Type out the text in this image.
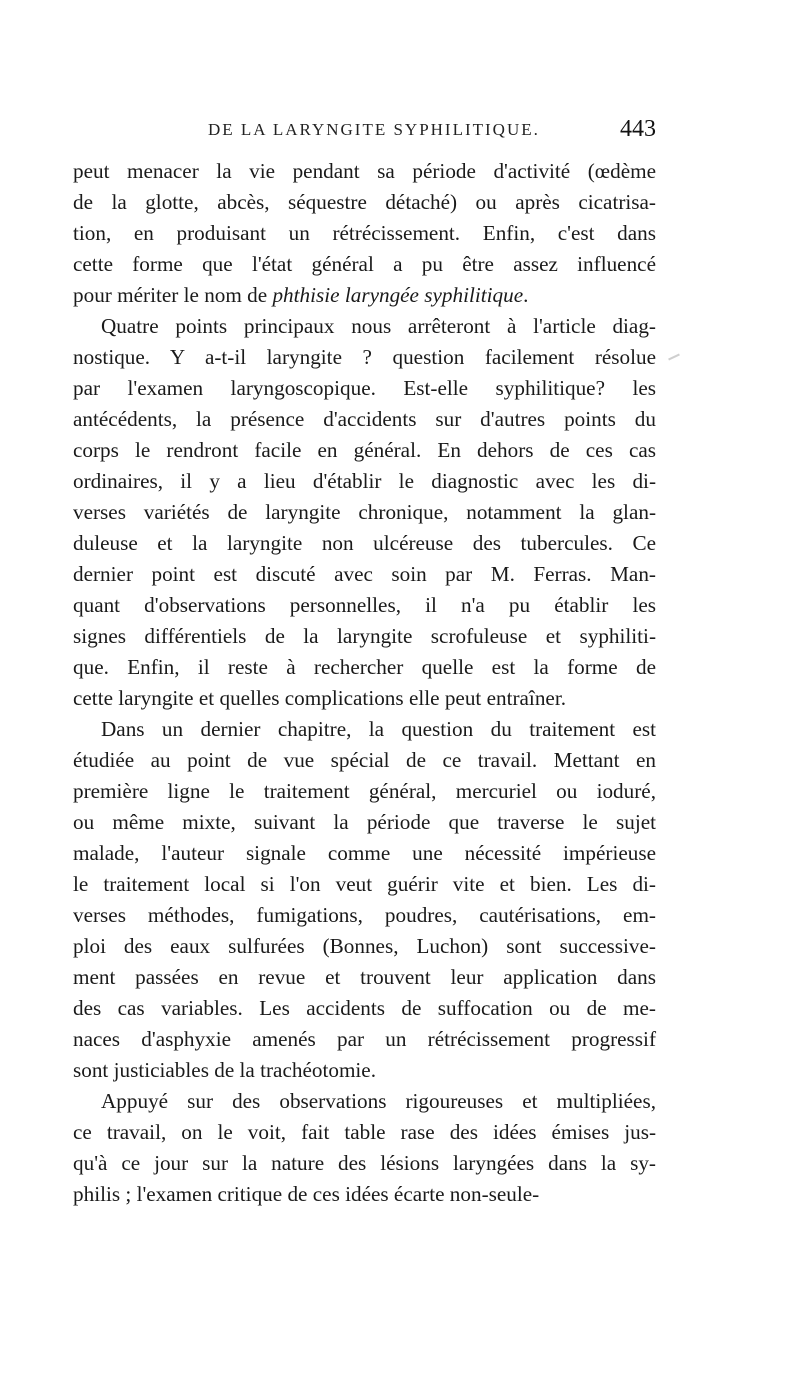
DE LA LARYNGITE SYPHILITIQUE.	443
peut menacer la vie pendant sa période d'activité (œdème
de la glotte, abcès, séquestre détaché) ou après cicatrisa-
tion, en produisant un rétrécissement. Enfin, c'est dans
cette forme que l'état général a pu être assez influencé
pour mériter le nom de phthisie laryngée syphilitique.
Quatre points principaux nous arrêteront à l'article diag-
nostique. Y a-t-il laryngite ? question facilement résolue
par l'examen laryngoscopique. Est-elle syphilitique? les
antécédents, la présence d'accidents sur d'autres points du
corps le rendront facile en général. En dehors de ces cas
ordinaires, il y a lieu d'établir le diagnostic avec les di-
verses variétés de laryngite chronique, notamment la glan-
duleuse et la laryngite non ulcéreuse des tubercules. Ce
dernier point est discuté avec soin par M. Ferras. Man-
quant d'observations personnelles, il n'a pu établir les
signes différentiels de la laryngite scrofuleuse et syphiliti-
que. Enfin, il reste à rechercher quelle est la forme de
cette laryngite et quelles complications elle peut entraîner.
Dans un dernier chapitre, la question du traitement est
étudiée au point de vue spécial de ce travail. Mettant en
première ligne le traitement général, mercuriel ou ioduré,
ou même mixte, suivant la période que traverse le sujet
malade, l'auteur signale comme une nécessité impérieuse
le traitement local si l'on veut guérir vite et bien. Les di-
verses méthodes, fumigations, poudres, cautérisations, em-
ploi des eaux sulfurées (Bonnes, Luchon) sont successive-
ment passées en revue et trouvent leur application dans
des cas variables. Les accidents de suffocation ou de me-
naces d'asphyxie amenés par un rétrécissement progressif
sont justiciables de la trachéotomie.
Appuyé sur des observations rigoureuses et multipliées,
ce travail, on le voit, fait table rase des idées émises jus-
qu'à ce jour sur la nature des lésions laryngées dans la sy-
philis ; l'examen critique de ces idées écarte non-seule-
